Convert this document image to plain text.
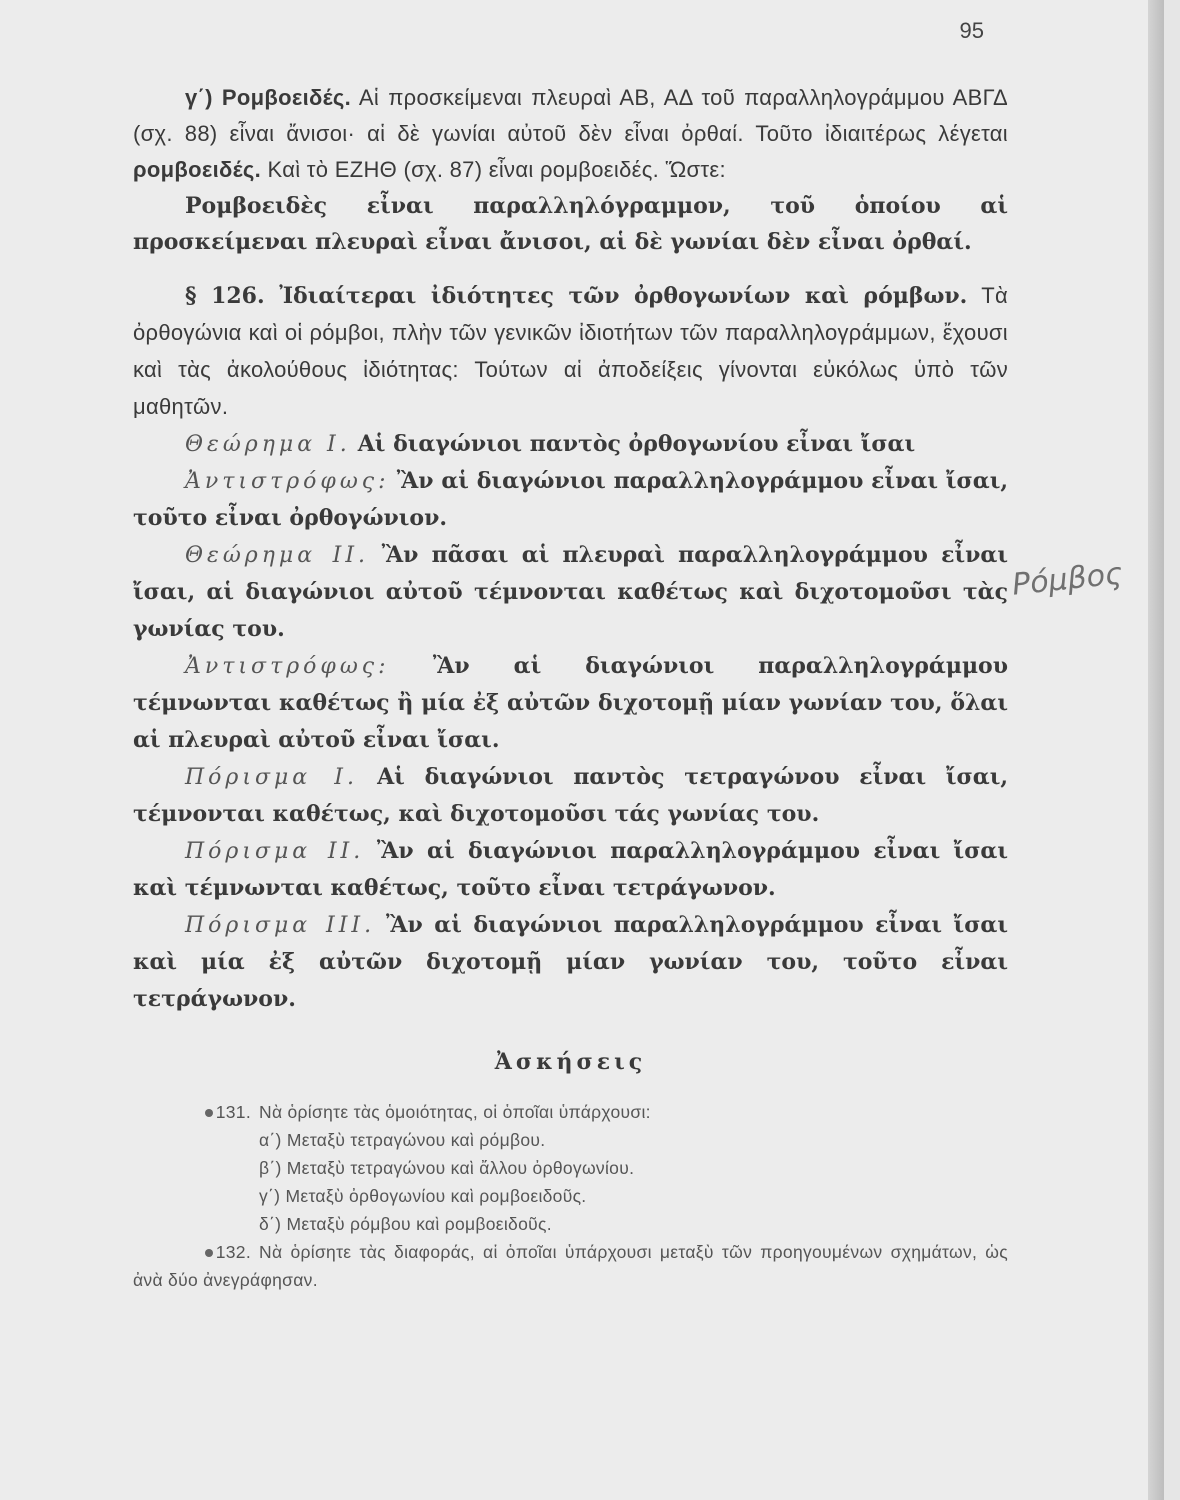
95

γ΄) Ρομβοειδές. Αἱ προσκείμεναι πλευραὶ ΑΒ, ΑΔ τοῦ παραλληλογράμμου ΑΒΓΔ (σχ. 88) εἶναι ἄνισοι· αἱ δὲ γωνίαι αὐτοῦ δὲν εἶναι ὀρθαί. Τοῦτο ἰδιαιτέρως λέγεται ρομβοειδές. Καὶ τὸ ΕΖΗΘ (σχ. 87) εἶναι ρομβοειδές. Ὥστε:

Ρομβοειδὲς εἶναι παραλληλόγραμμον, τοῦ ὁποίου αἱ προσκείμεναι πλευραὶ εἶναι ἄνισοι, αἱ δὲ γωνίαι δὲν εἶναι ὀρθαί.

§ 126. Ἰδιαίτεραι ἰδιότητες τῶν ὀρθογωνίων καὶ ρόμβων. Τὰ ὀρθογώνια καὶ οἱ ρόμβοι, πλὴν τῶν γενικῶν ἰδιοτήτων τῶν παραλληλογράμμων, ἔχουσι καὶ τὰς ἀκολούθους ἰδιότητας: Τούτων αἱ ἀποδείξεις γίνονται εὐκόλως ὑπὸ τῶν μαθητῶν.

Θεώρημα Ι. Αἱ διαγώνιοι παντὸς ὀρθογωνίου εἶναι ἴσαι

Ἀντιστρόφως: Ἂν αἱ διαγώνιοι παραλληλογράμμου εἶναι ἴσαι, τοῦτο εἶναι ὀρθογώνιον.

Θεώρημα ΙΙ. Ἂν πᾶσαι αἱ πλευραὶ παραλληλογράμμου εἶναι ἴσαι, αἱ διαγώνιοι αὐτοῦ τέμνονται καθέτως καὶ διχοτομοῦσι τὰς γωνίας του.

Ἀντιστρόφως: Ἂν αἱ διαγώνιοι παραλληλογράμμου τέμνωνται καθέτως ἢ μία ἐξ αὐτῶν διχοτομῇ μίαν γωνίαν του, ὅλαι αἱ πλευραὶ αὐτοῦ εἶναι ἴσαι.

Πόρισμα Ι. Αἱ διαγώνιοι παντὸς τετραγώνου εἶναι ἴσαι, τέμνονται καθέτως, καὶ διχοτομοῦσι τάς γωνίας του.

Πόρισμα ΙΙ. Ἂν αἱ διαγώνιοι παραλληλογράμμου εἶναι ἴσαι καὶ τέμνωνται καθέτως, τοῦτο εἶναι τετράγωνον.

Πόρισμα ΙΙΙ. Ἂν αἱ διαγώνιοι παραλληλογράμμου εἶναι ἴσαι καὶ μία ἐξ αὐτῶν διχοτομῇ μίαν γωνίαν του, τοῦτο εἶναι τετράγωνον.

Ἀσκήσεις
131. Νὰ ὁρίσητε τὰς ὁμοιότητας, οἱ ὁποῖαι ὑπάρχουσι:
α΄) Μεταξὺ τετραγώνου καὶ ρόμβου.
β΄) Μεταξὺ τετραγώνου καὶ ἄλλου ὀρθογωνίου.
γ΄) Μεταξὺ ὀρθογωνίου καὶ ρομβοειδοῦς.
δ΄) Μεταξὺ ρόμβου καὶ ρομβοειδοῦς.
132. Νὰ ὁρίσητε τὰς διαφοράς, αἱ ὁποῖαι ὑπάρχουσι μεταξὺ τῶν προηγουμένων σχημάτων, ὡς ἀνὰ δύο ἀνεγράφησαν.
Ρόμβος
